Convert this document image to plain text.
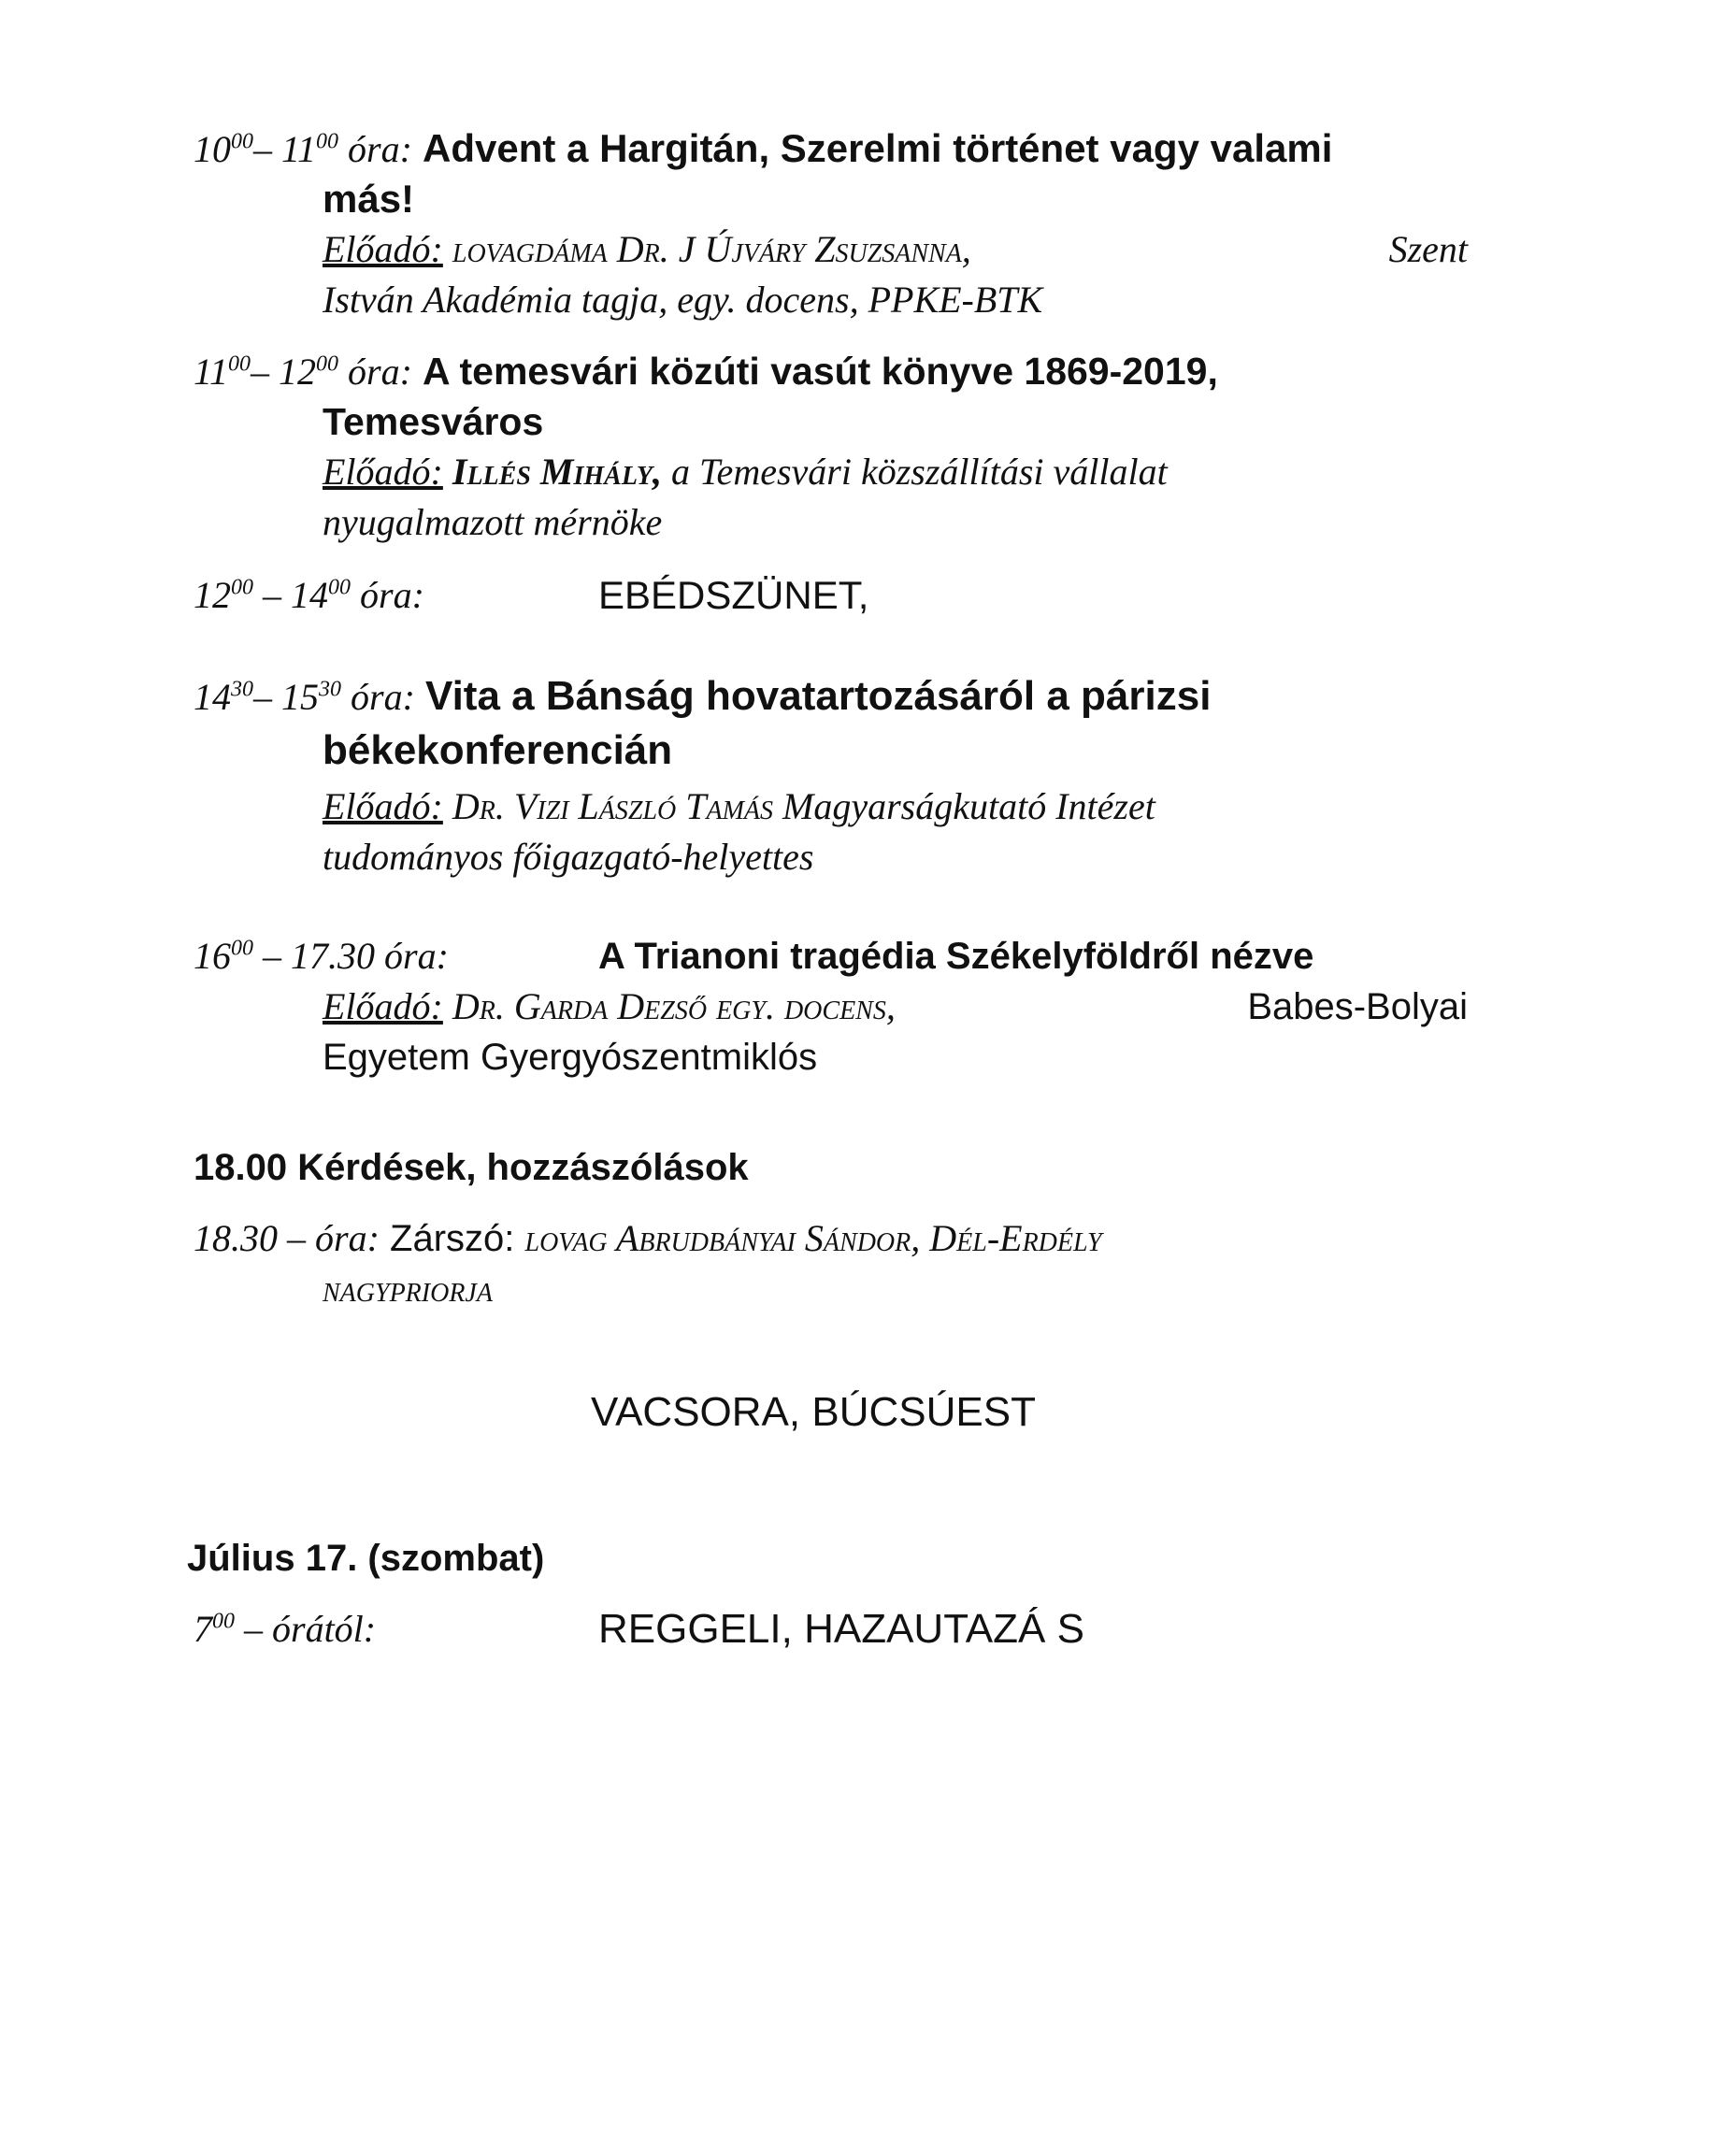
$10^{00}-$ $11^{00}$ óra: Advent a Hargitán, Szerelmi történet vagy valami
más!
Előadó: lovagdáma Dr. J Újváry Zsuzsanna,	Szent
István Akadémia tagja, egy. docens, PPKE-BTK
$11^{00}-$ $12^{00}$ óra: A temesvári közúti vasút könyve 1869-2019,
Temesváros
Előadó: Illés Mihály, a Temesvári közszállítási vállalat
nyugalmazott mérnöke
$12^{00} - 14^{00}$ óra:	EBÉDSZÜNET,
$14^{30}-$ $15^{30}$ óra: Vita a Bánság hovatartozásáról a párizsi
békekonferencián
Előadó: Dr. Vizi László Tamás Magyarságkutató Intézet
tudományos főigazgató-helyettes
$16^{00} - 17.30$ óra:	A Trianoni tragédia Székelyföldről nézve
Előadó: Dr. Garda Dezső egy. docens,	Babes-Bolyai
Egyetem Gyergyószentmiklós
18.00 Kérdések, hozzászólások
18.30 – óra: Zárszó: lovag Abrudbányai Sándor, Dél-Erdély
nagypriorja
VACSORA, BÚCSÚEST
Július 17. (szombat)
$7^{00}$ – órától:	REGGELI, HAZAUTAZÁ S
